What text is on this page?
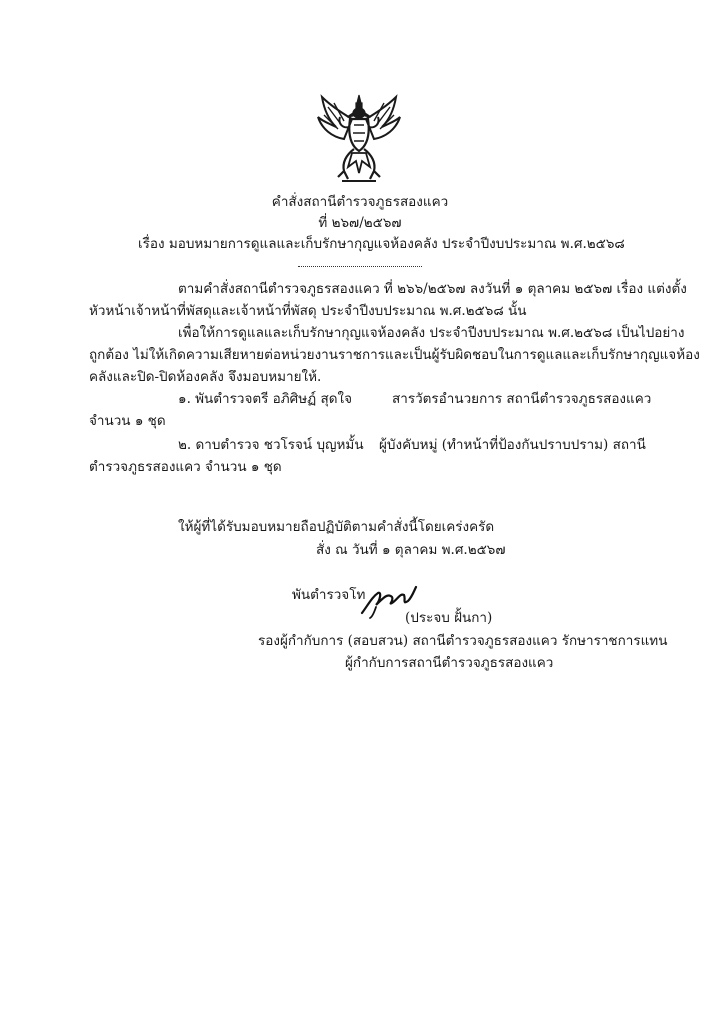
คำสั่งสถานีตำรวจภูธรสองแคว
ที่ ๒๖๗/๒๕๖๗
เรื่อง มอบหมายการดูแลและเก็บรักษากุญแจห้องคลัง ประจำปีงบประมาณ พ.ศ.๒๕๖๘
ตามคำสั่งสถานีตำรวจภูธรสองแคว ที่ ๒๖๖/๒๕๖๗ ลงวันที่ ๑ ตุลาคม ๒๕๖๗ เรื่อง แต่งตั้ง
หัวหน้าเจ้าหน้าที่พัสดุและเจ้าหน้าที่พัสดุ ประจำปีงบประมาณ พ.ศ.๒๕๖๘ นั้น
เพื่อให้การดูแลและเก็บรักษากุญแจห้องคลัง ประจำปีงบประมาณ พ.ศ.๒๕๖๘ เป็นไปอย่าง
ถูกต้อง ไม่ให้เกิดความเสียหายต่อหน่วยงานราชการและเป็นผู้รับผิดชอบในการดูแลและเก็บรักษากุญแจห้อง
คลังและปิด-ปิดห้องคลัง จึงมอบหมายให้.
๑. พันตำรวจตรี อภิศิษฏ์ สุดใจ	สารวัตรอำนวยการ สถานีตำรวจภูธรสองแคว
จำนวน ๑ ชุด
๒. ดาบตำรวจ ชวโรจน์ บุญหมั้น ผู้บังคับหมู่ (ทำหน้าที่ป้องกันปราบปราม) สถานี
ตำรวจภูธรสองแคว จำนวน ๑ ชุด
ให้ผู้ที่ได้รับมอบหมายถือปฏิบัติตามคำสั่งนี้โดยเคร่งครัด
สั่ง ณ วันที่ ๑ ตุลาคม พ.ศ.๒๕๖๗
พันตำรวจโท
(ประจบ ฝั้นกา)
รองผู้กำกับการ (สอบสวน) สถานีตำรวจภูธรสองแคว รักษาราชการแทน
ผู้กำกับการสถานีตำรวจภูธรสองแคว
